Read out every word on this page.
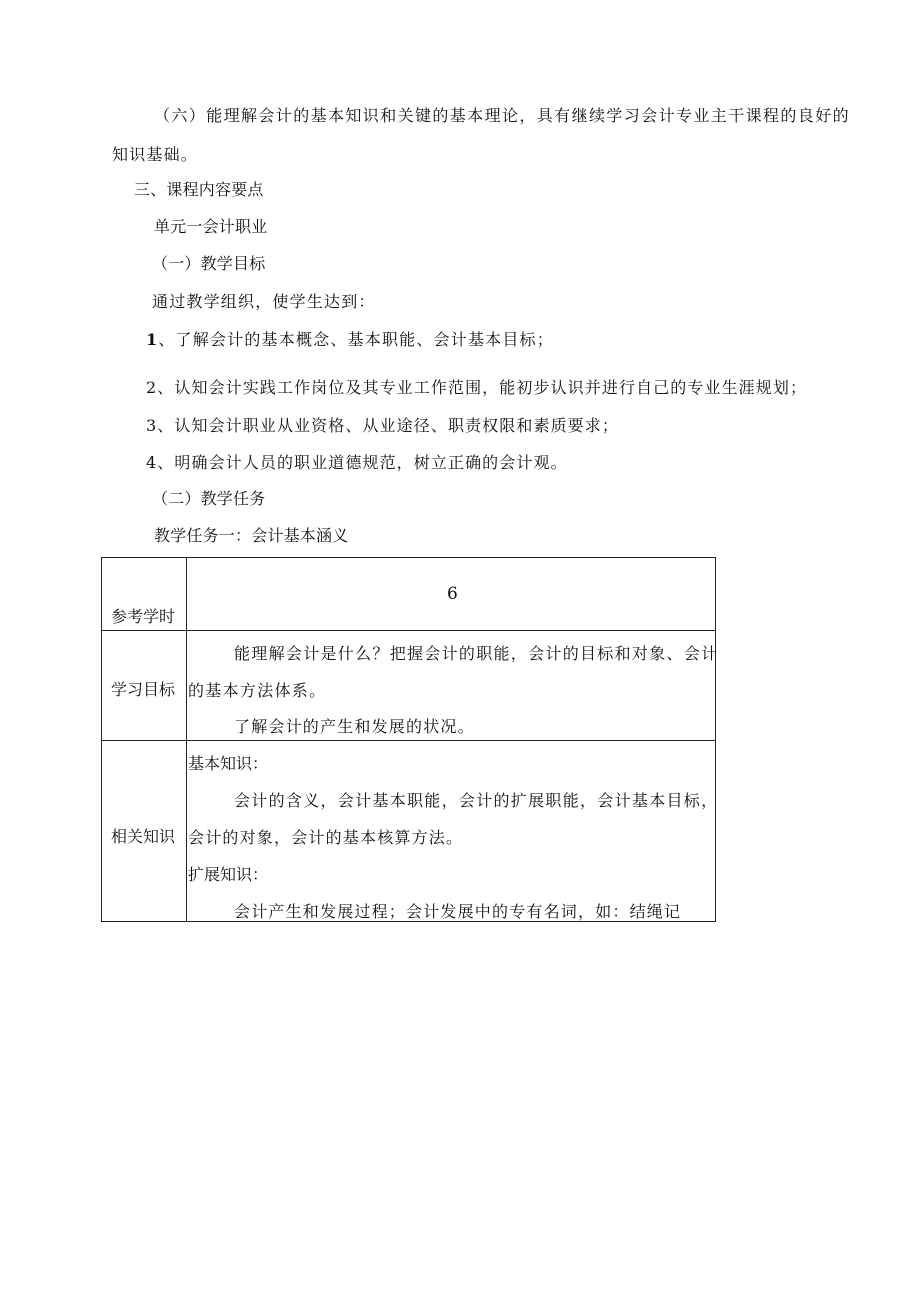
（六）能理解会计的基本知识和关键的基本理论，具有继续学习会计专业主干课程的良好的
知识基础。
三、课程内容要点
单元一会计职业
（一）教学目标
通过教学组织，使学生达到：
1、了解会计的基本概念、基本职能、会计基本目标；
2、认知会计实践工作岗位及其专业工作范围，能初步认识并进行自己的专业生涯规划；
3、认知会计职业从业资格、从业途径、职责权限和素质要求；
4、明确会计人员的职业道德规范，树立正确的会计观。
（二）教学任务
教学任务一：会计基本涵义
参考学时
6
学习目标
能理解会计是什么？把握会计的职能，会计的目标和对象、会计
的基本方法体系。
了解会计的产生和发展的状况。
相关知识
基本知识：
会计的含义，会计基本职能，会计的扩展职能，会计基本目标，
会计的对象，会计的基本核算方法。
扩展知识：
会计产生和发展过程；会计发展中的专有名词，如：结绳记
